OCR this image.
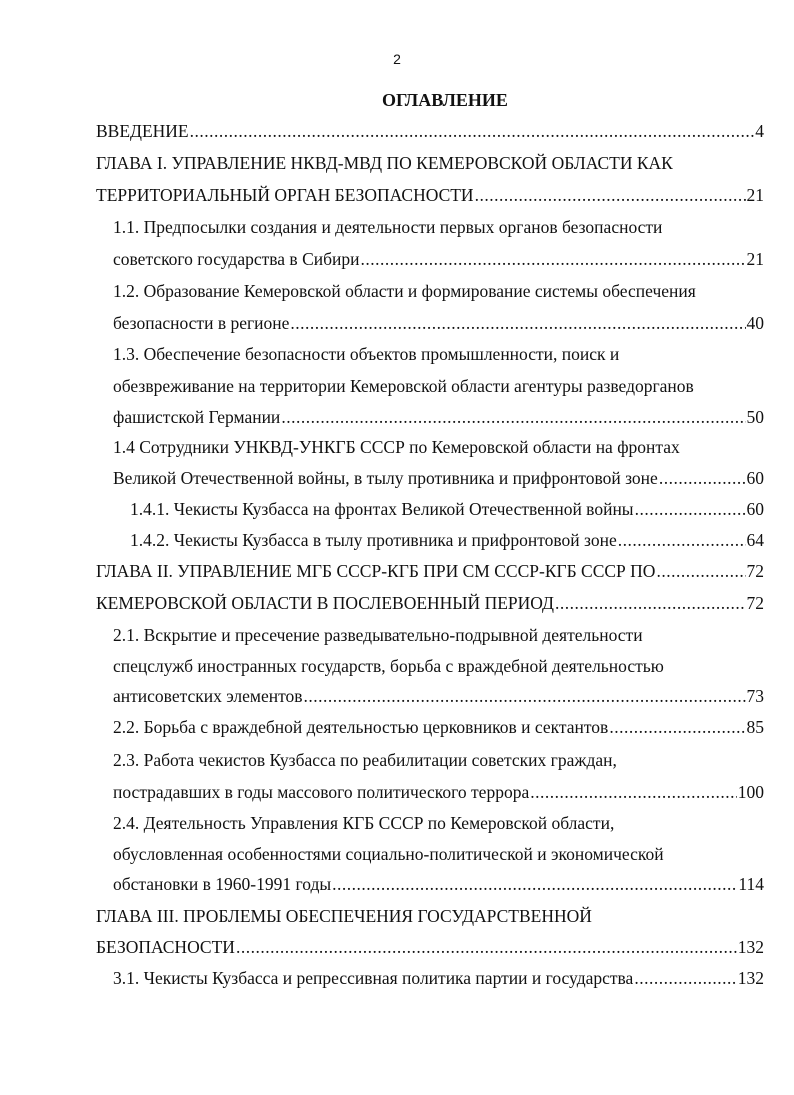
2
ОГЛАВЛЕНИЕ
ВВЕДЕНИЕ .....	4
ГЛАВА I. УПРАВЛЕНИЕ НКВД-МВД ПО КЕМЕРОВСКОЙ ОБЛАСТИ КАК
ТЕРРИТОРИАЛЬНЫЙ ОРГАН БЕЗОПАСНОСТИ .....	21
1.1. Предпосылки создания и деятельности первых органов безопасности
советского государства в Сибири .....	21
1.2. Образование Кемеровской области и формирование системы обеспечения
безопасности в регионе .....	40
1.3. Обеспечение безопасности объектов промышленности, поиск и
обезвреживание на территории Кемеровской области агентуры разведорганов
фашистской Германии .....	50
1.4 Сотрудники УНКВД-УНКГБ СССР по Кемеровской области на фронтах
Великой Отечественной войны, в тылу противника и прифронтовой зоне .....	60
1.4.1. Чекисты Кузбасса на фронтах Великой Отечественной войны .....	60
1.4.2. Чекисты Кузбасса в тылу противника и прифронтовой зоне .....	64
ГЛАВА II. УПРАВЛЕНИЕ МГБ СССР-КГБ ПРИ СМ СССР-КГБ СССР ПО .....	72
КЕМЕРОВСКОЙ ОБЛАСТИ В ПОСЛЕВОЕННЫЙ ПЕРИОД .....	72
2.1. Вскрытие и пресечение разведывательно-подрывной деятельности
спецслужб иностранных государств, борьба с враждебной деятельностью
антисоветских элементов .....	73
2.2. Борьба с враждебной деятельностью церковников и сектантов .....	85
2.3. Работа чекистов Кузбасса по реабилитации советских граждан,
пострадавших в годы массового политического террора .....	100
2.4. Деятельность Управления КГБ СССР по Кемеровской области,
обусловленная особенностями социально-политической и экономической
обстановки в 1960-1991 годы .....	114
ГЛАВА III. ПРОБЛЕМЫ ОБЕСПЕЧЕНИЯ ГОСУДАРСТВЕННОЙ
БЕЗОПАСНОСТИ .....	132
3.1. Чекисты Кузбасса и репрессивная политика партии и государства .....	132
